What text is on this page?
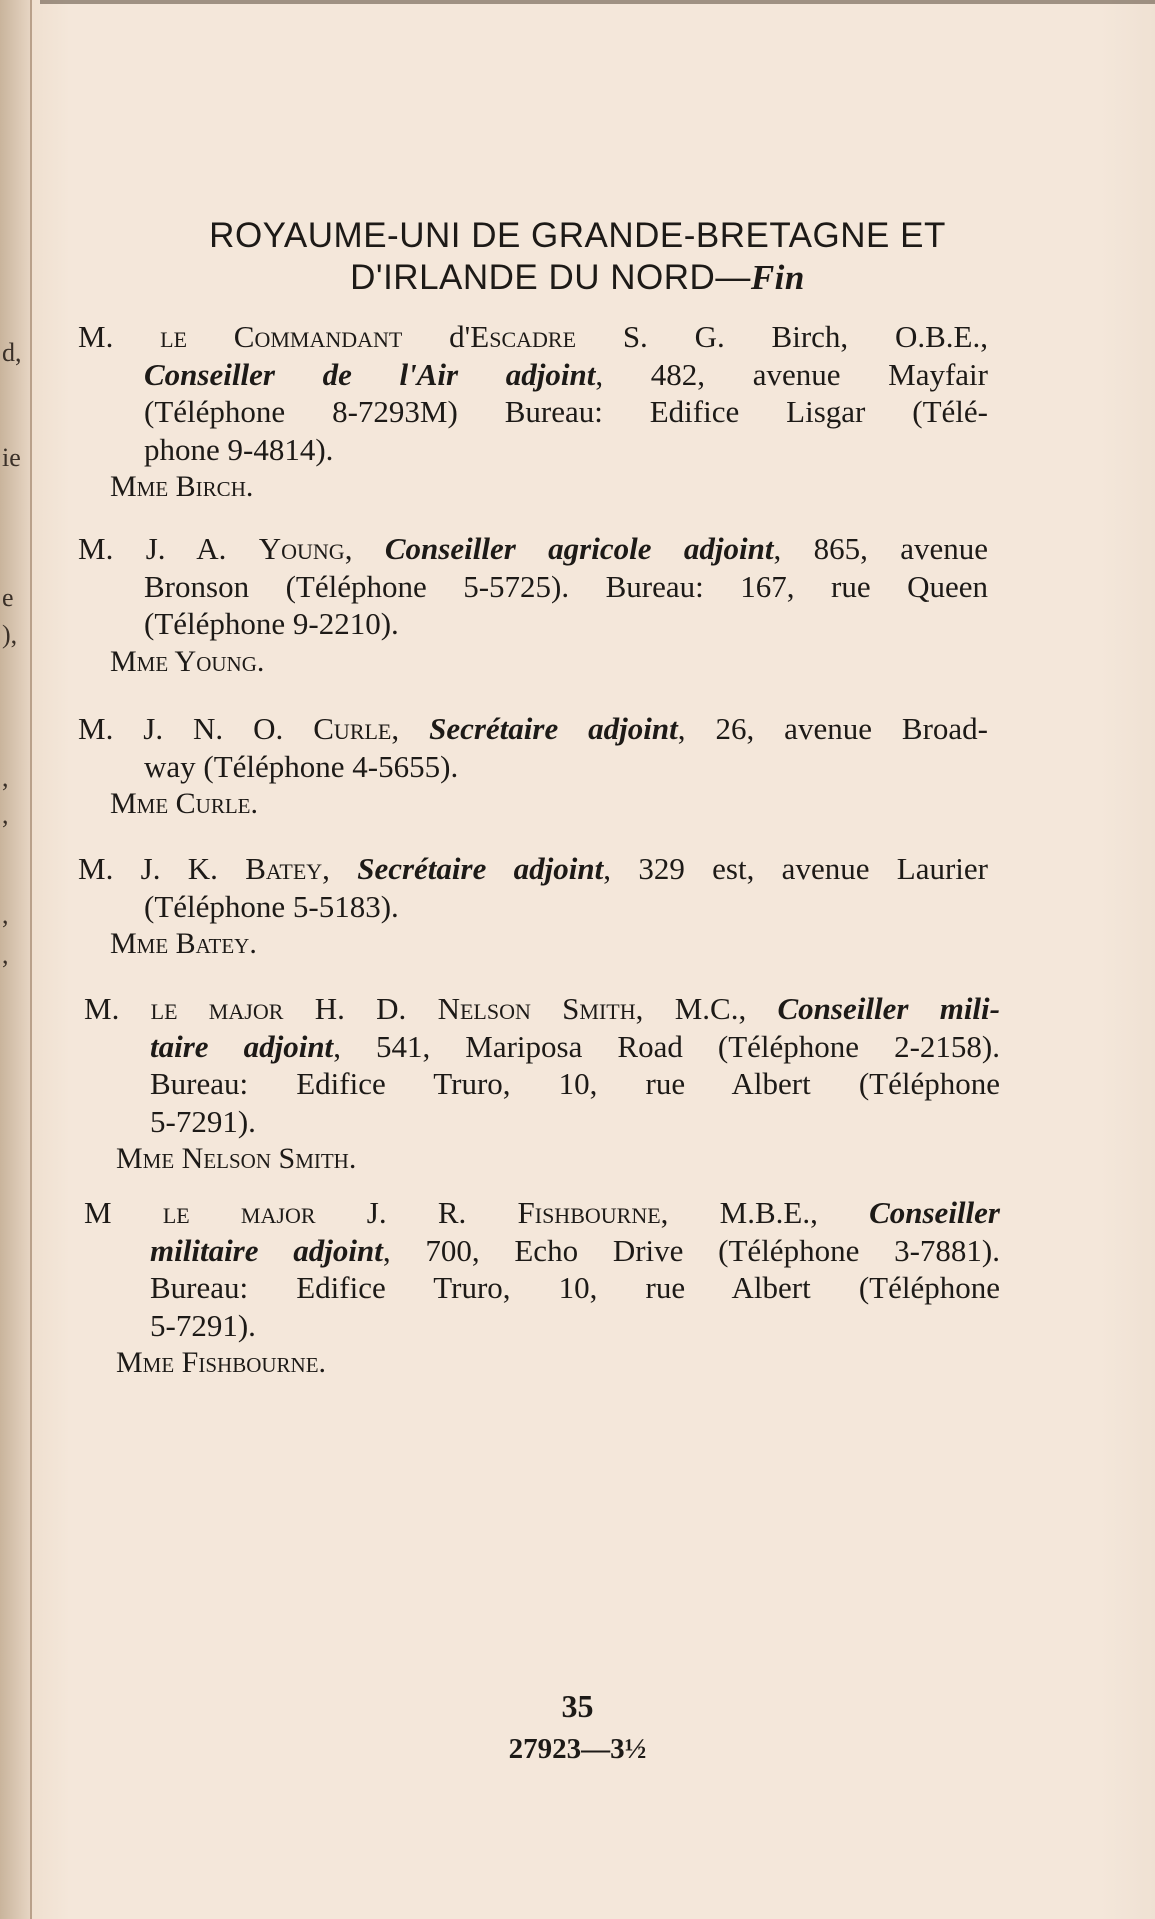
d,
ie
e
),
,
,
,
,

ROYAUME-UNI DE GRANDE-BRETAGNE ET

D'IRLANDE DU NORD—Fin

M. le Commandant d'Escadre S. G. Birch, O.B.E.,
Conseiller de l'Air adjoint, 482, avenue Mayfair
(Téléphone 8-7293M) Bureau: Edifice Lisgar (Télé-
phone 9-4814).
Mme Birch.
M. J. A. Young, Conseiller agricole adjoint, 865, avenue
Bronson (Téléphone 5-5725). Bureau: 167, rue Queen
(Téléphone 9-2210).
Mme Young.
M. J. N. O. Curle, Secrétaire adjoint, 26, avenue Broad-
way (Téléphone 4-5655).
Mme Curle.
M. J. K. Batey, Secrétaire adjoint, 329 est, avenue Laurier
(Téléphone 5-5183).
Mme Batey.
M. le major H. D. Nelson Smith, M.C., Conseiller mili-
taire adjoint, 541, Mariposa Road (Téléphone 2-2158).
Bureau: Edifice Truro, 10, rue Albert (Téléphone
5-7291).
Mme Nelson Smith.
M le major J. R. Fishbourne, M.B.E., Conseiller
militaire adjoint, 700, Echo Drive (Téléphone 3-7881).
Bureau: Edifice Truro, 10, rue Albert (Téléphone
5-7291).
Mme Fishbourne.
35
27923—3½
